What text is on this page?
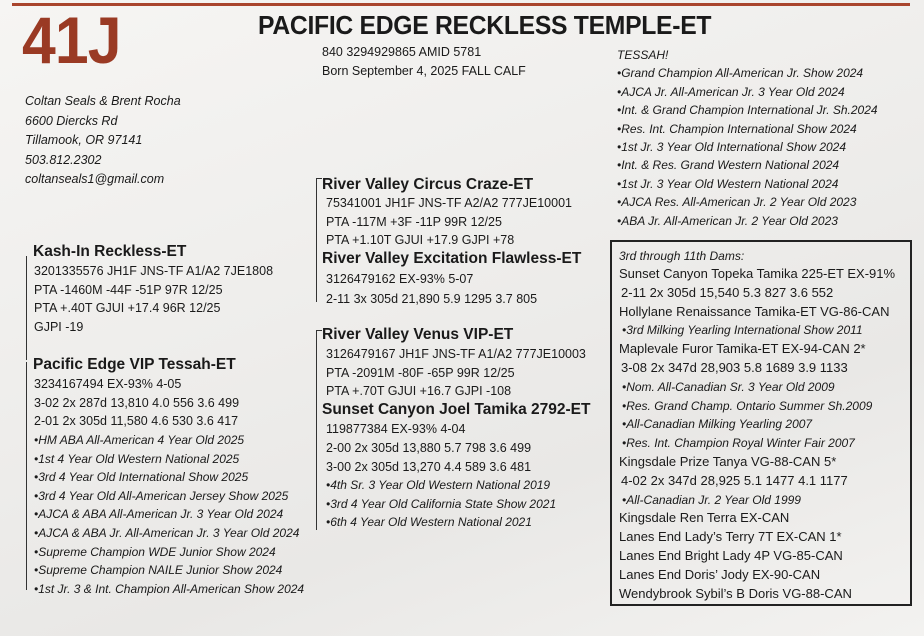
41J	PACIFIC EDGE RECKLESS TEMPLE-ET
840 3294929865 AMID 5781
Born September 4, 2025 FALL CALF
Coltan Seals & Brent Rocha
6600 Diercks Rd
Tillamook, OR 97141
503.812.2302
coltanseals1@gmail.com
Kash-In Reckless-ET
3201335576 JH1F JNS-TF A1/A2 7JE1808
PTA -1460M -44F -51P 97R 12/25
PTA +.40T GJUI +17.4 96R 12/25
GJPI -19
Pacific Edge VIP Tessah-ET
3234167494 EX-93% 4-05
3-02 2x 287d 13,810 4.0 556 3.6 499
2-01 2x 305d 11,580 4.6 530 3.6 417
•HM ABA All-American 4 Year Old 2025
•1st 4 Year Old Western National 2025
•3rd 4 Year Old International Show 2025
•3rd 4 Year Old All-American Jersey Show 2025
•AJCA & ABA All-American Jr. 3 Year Old 2024
•AJCA & ABA Jr. All-American Jr. 3 Year Old 2024
•Supreme Champion WDE Junior Show 2024
•Supreme Champion NAILE Junior Show 2024
•1st Jr. 3 & Int. Champion All-American Show 2024
River Valley Circus Craze-ET
75341001 JH1F JNS-TF A2/A2 777JE10001
PTA -117M +3F -11P 99R 12/25
PTA +1.10T GJUI +17.9 GJPI +78
River Valley Excitation Flawless-ET
3126479162 EX-93% 5-07
2-11 3x 305d 21,890 5.9 1295 3.7 805
River Valley Venus VIP-ET
3126479167 JH1F JNS-TF A1/A2 777JE10003
PTA -2091M -80F -65P 99R 12/25
PTA +.70T GJUI +16.7 GJPI -108
Sunset Canyon Joel Tamika 2792-ET
119877384 EX-93% 4-04
2-00 2x 305d 13,880 5.7 798 3.6 499
3-00 2x 305d 13,270 4.4 589 3.6 481
•4th Sr. 3 Year Old Western National 2019
•3rd 4 Year Old California State Show 2021
•6th 4 Year Old Western National 2021
TESSAH!
•Grand Champion All-American Jr. Show 2024
•AJCA Jr. All-American Jr. 3 Year Old 2024
•Int. & Grand Champion International Jr. Sh.2024
•Res. Int. Champion International Show 2024
•1st Jr. 3 Year Old International Show 2024
•Int. & Res. Grand Western National 2024
•1st Jr. 3 Year Old Western National 2024
•AJCA Res. All-American Jr. 2 Year Old 2023
•ABA Jr. All-American Jr. 2 Year Old 2023
3rd through 11th Dams:
Sunset Canyon Topeka Tamika 225-ET EX-91%
2-11 2x 305d 15,540 5.3 827 3.6 552
Hollylane Renaissance Tamika-ET VG-86-CAN
•3rd Milking Yearling International Show 2011
Maplevale Furor Tamika-ET EX-94-CAN 2*
3-08 2x 347d 28,903 5.8 1689 3.9 1133
•Nom. All-Canadian Sr. 3 Year Old 2009
•Res. Grand Champ. Ontario Summer Sh.2009
•All-Canadian Milking Yearling 2007
•Res. Int. Champion Royal Winter Fair 2007
Kingsdale Prize Tanya VG-88-CAN 5*
4-02 2x 347d 28,925 5.1 1477 4.1 1177
•All-Canadian Jr. 2 Year Old 1999
Kingsdale Ren Terra EX-CAN
Lanes End Lady’s Terry 7T EX-CAN 1*
Lanes End Bright Lady 4P VG-85-CAN
Lanes End Doris’ Jody EX-90-CAN
Wendybrook Sybil’s B Doris VG-88-CAN
